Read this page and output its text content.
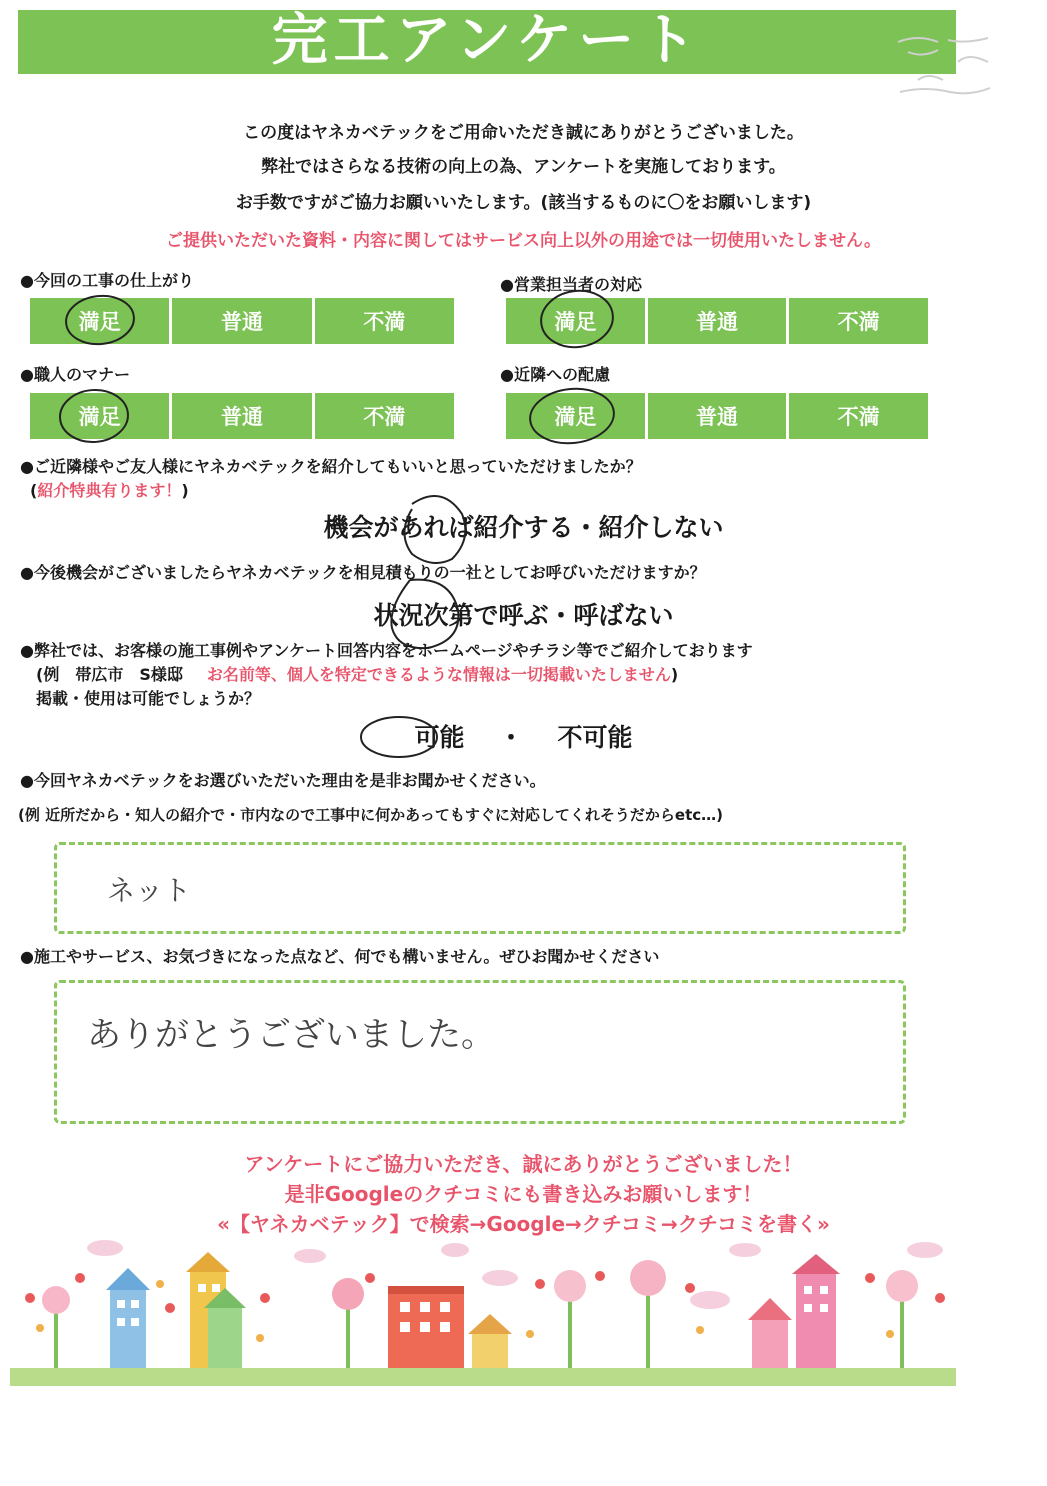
完工アンケート
この度はヤネカベテックをご用命いただき誠にありがとうございました。
弊社ではさらなる技術の向上の為、アンケートを実施しております。
お手数ですがご協力お願いいたします。(該当するものに〇をお願いします)
ご提供いただいた資料・内容に関してはサービス向上以外の用途では一切使用いたしません。
●今回の工事の仕上がり
満足	普通	不満
●営業担当者の対応
満足	普通	不満
●職人のマナー
満足	普通	不満
●近隣への配慮
満足	普通	不満
●ご近隣様やご友人様にヤネカベテックを紹介してもいいと思っていただけましたか？
(紹介特典有ります！)
機会があれば紹介する・紹介しない
●今後機会がございましたらヤネカベテックを相見積もりの一社としてお呼びいただけますか？
状況次第で呼ぶ・呼ばない
●弊社では、お客様の施工事例やアンケート回答内容をホームページやチラシ等でご紹介しております
(例　帯広市　S様邸 お名前等、個人を特定できるような情報は一切掲載いたしません)
掲載・使用は可能でしょうか？
可能 ・ 不可能
●今回ヤネカベテックをお選びいただいた理由を是非お聞かせください。
(例 近所だから・知人の紹介で・市内なので工事中に何かあってもすぐに対応してくれそうだからetc…)
ネット
●施工やサービス、お気づきになった点など、何でも構いません。ぜひお聞かせください
ありがとうございました。
アンケートにご協力いただき、誠にありがとうございました！
是非Googleのクチコミにも書き込みお願いします！
«【ヤネカベテック】で検索→Google→クチコミ→クチコミを書く»
